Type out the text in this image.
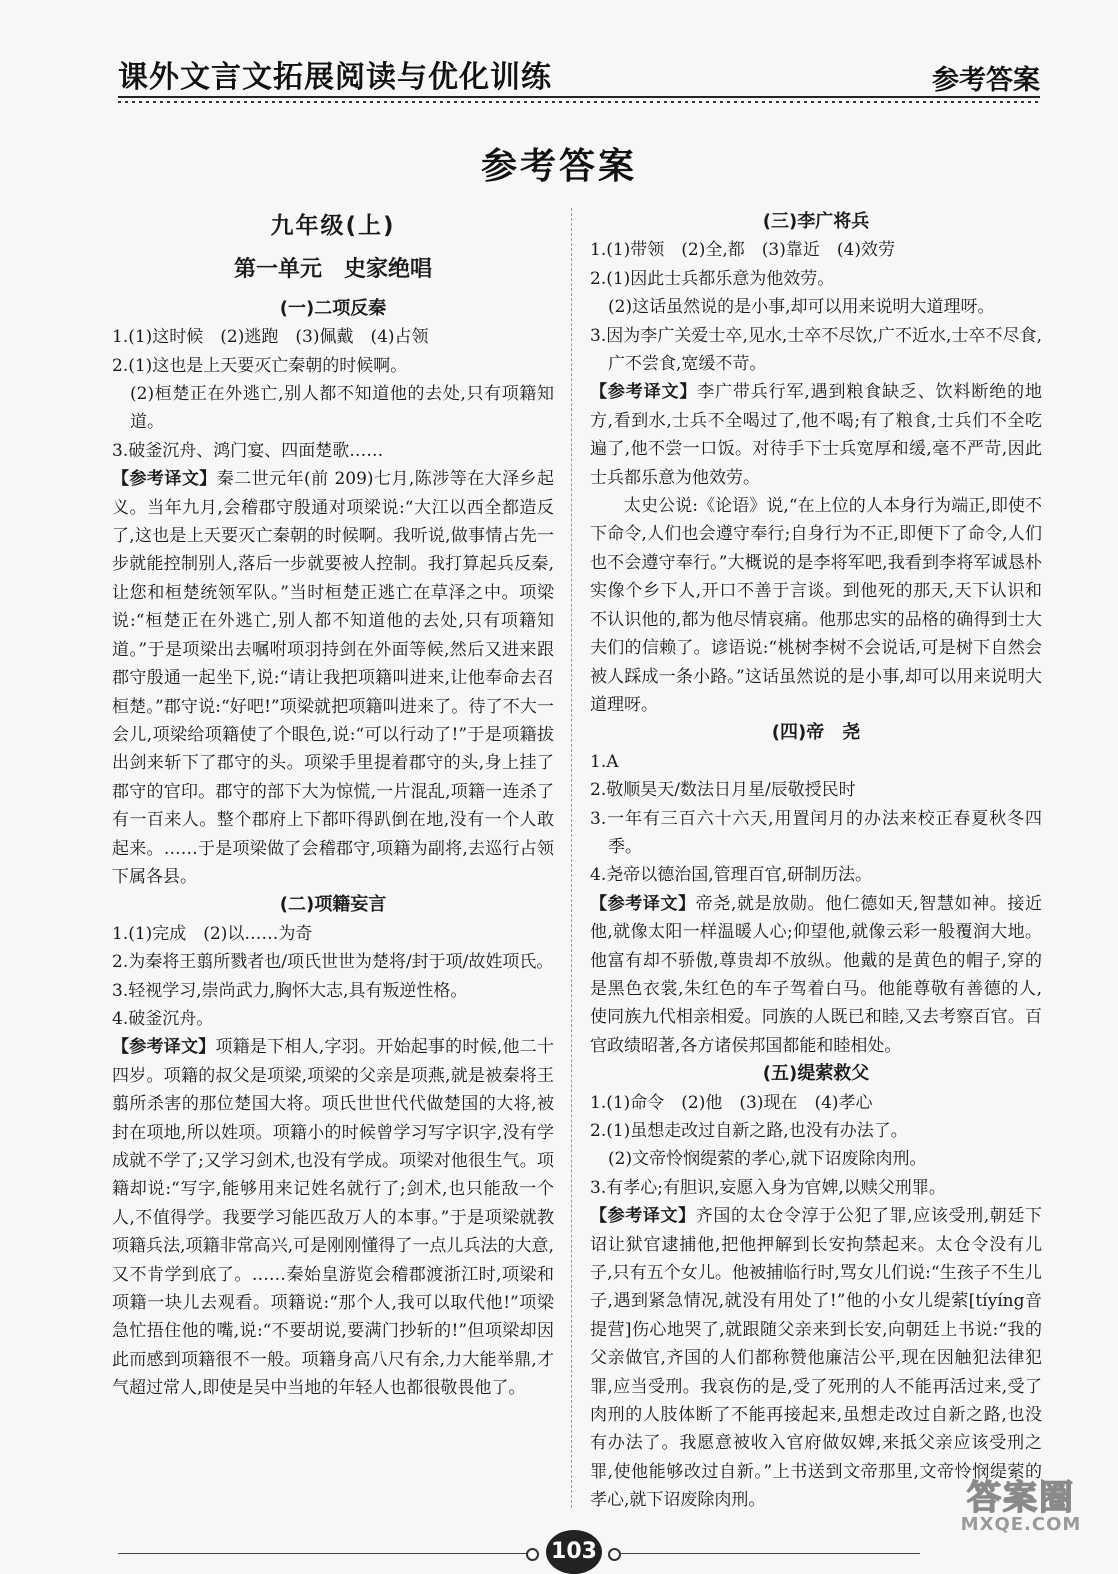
课外文言文拓展阅读与优化训练	参考答案
参考答案
九年级(上)
第一单元　史家绝唱
(一)二项反秦

1.(1)这时候　(2)逃跑　(3)佩戴　(4)占领

2.(1)这也是上天要灭亡秦朝的时候啊。

(2)桓楚正在外逃亡,别人都不知道他的去处,只有项籍知道。

3.破釜沉舟、鸿门宴、四面楚歌……

【参考译文】秦二世元年(前 209)七月,陈涉等在大泽乡起义。当年九月,会稽郡守殷通对项梁说:“大江以西全都造反了,这也是上天要灭亡秦朝的时候啊。我听说,做事情占先一步就能控制别人,落后一步就要被人控制。我打算起兵反秦,让您和桓楚统领军队。”当时桓楚正逃亡在草泽之中。项梁说:“桓楚正在外逃亡,别人都不知道他的去处,只有项籍知道。”于是项梁出去嘱咐项羽持剑在外面等候,然后又进来跟郡守殷通一起坐下,说:“请让我把项籍叫进来,让他奉命去召桓楚。”郡守说:“好吧!”项梁就把项籍叫进来了。待了不大一会儿,项梁给项籍使了个眼色,说:“可以行动了!”于是项籍拔出剑来斩下了郡守的头。项梁手里提着郡守的头,身上挂了郡守的官印。郡守的部下大为惊慌,一片混乱,项籍一连杀了有一百来人。整个郡府上下都吓得趴倒在地,没有一个人敢起来。……于是项梁做了会稽郡守,项籍为副将,去巡行占领下属各县。

(二)项籍妄言

1.(1)完成　(2)以……为奇

2.为秦将王翦所戮者也/项氏世世为楚将/封于项/故姓项氏。

3.轻视学习,崇尚武力,胸怀大志,具有叛逆性格。

4.破釜沉舟。

【参考译文】项籍是下相人,字羽。开始起事的时候,他二十四岁。项籍的叔父是项梁,项梁的父亲是项燕,就是被秦将王翦所杀害的那位楚国大将。项氏世世代代做楚国的大将,被封在项地,所以姓项。项籍小的时候曾学习写字识字,没有学成就不学了;又学习剑术,也没有学成。项梁对他很生气。项籍却说:“写字,能够用来记姓名就行了;剑术,也只能敌一个人,不值得学。我要学习能匹敌万人的本事。”于是项梁就教项籍兵法,项籍非常高兴,可是刚刚懂得了一点儿兵法的大意,又不肯学到底了。……秦始皇游览会稽郡渡浙江时,项梁和项籍一块儿去观看。项籍说:“那个人,我可以取代他!”项梁急忙捂住他的嘴,说:“不要胡说,要满门抄斩的!”但项梁却因此而感到项籍很不一般。项籍身高八尺有余,力大能举鼎,才气超过常人,即使是吴中当地的年轻人也都很敬畏他了。

(三)李广将兵

1.(1)带领　(2)全,都　(3)靠近　(4)效劳

2.(1)因此士兵都乐意为他效劳。

(2)这话虽然说的是小事,却可以用来说明大道理呀。

3.因为李广关爱士卒,见水,士卒不尽饮,广不近水,士卒不尽食,广不尝食,宽缓不苛。

【参考译文】李广带兵行军,遇到粮食缺乏、饮料断绝的地方,看到水,士兵不全喝过了,他不喝;有了粮食,士兵们不全吃遍了,他不尝一口饭。对待手下士兵宽厚和缓,毫不严苛,因此士兵都乐意为他效劳。

太史公说:《论语》说,“在上位的人本身行为端正,即使不下命令,人们也会遵守奉行;自身行为不正,即便下了命令,人们也不会遵守奉行。”大概说的是李将军吧,我看到李将军诚恳朴实像个乡下人,开口不善于言谈。到他死的那天,天下认识和不认识他的,都为他尽情哀痛。他那忠实的品格的确得到士大夫们的信赖了。谚语说:“桃树李树不会说话,可是树下自然会被人踩成一条小路。”这话虽然说的是小事,却可以用来说明大道理呀。

(四)帝　尧

1.A

2.敬顺昊天/数法日月星/辰敬授民时

3.一年有三百六十六天,用置闰月的办法来校正春夏秋冬四季。

4.尧帝以德治国,管理百官,研制历法。

【参考译文】帝尧,就是放勋。他仁德如天,智慧如神。接近他,就像太阳一样温暖人心;仰望他,就像云彩一般覆润大地。他富有却不骄傲,尊贵却不放纵。他戴的是黄色的帽子,穿的是黑色衣裳,朱红色的车子驾着白马。他能尊敬有善德的人,使同族九代相亲相爱。同族的人既已和睦,又去考察百官。百官政绩昭著,各方诸侯邦国都能和睦相处。

(五)缇萦救父

1.(1)命令　(2)他　(3)现在　(4)孝心

2.(1)虽想走改过自新之路,也没有办法了。

(2)文帝怜悯缇萦的孝心,就下诏废除肉刑。

3.有孝心;有胆识,妄愿入身为官婢,以赎父刑罪。

【参考译文】齐国的太仓令淳于公犯了罪,应该受刑,朝廷下诏让狱官逮捕他,把他押解到长安拘禁起来。太仓令没有儿子,只有五个女儿。他被捕临行时,骂女儿们说:“生孩子不生儿子,遇到紧急情况,就没有用处了!”他的小女儿缇萦[tíyíng音提营]伤心地哭了,就跟随父亲来到长安,向朝廷上书说:“我的父亲做官,齐国的人们都称赞他廉洁公平,现在因触犯法律犯罪,应当受刑。我哀伤的是,受了死刑的人不能再活过来,受了肉刑的人肢体断了不能再接起来,虽想走改过自新之路,也没有办法了。我愿意被收入官府做奴婢,来抵父亲应该受刑之罪,使他能够改过自新。”上书送到文帝那里,文帝怜悯缇萦的孝心,就下诏废除肉刑。

103
答案圈
MXQE.COM
